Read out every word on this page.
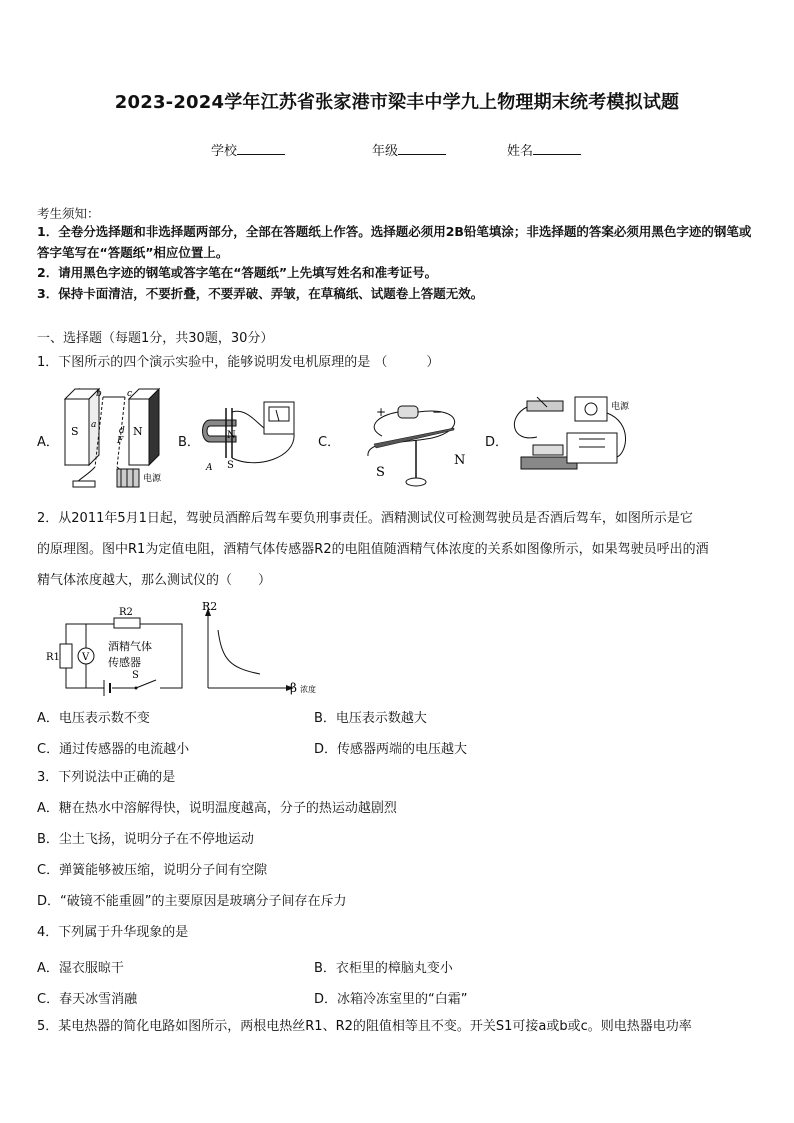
2023-2024学年江苏省张家港市梁丰中学九上物理期末统考模拟试题
学校	年级	姓名
考生须知：
1．全卷分选择题和非选择题两部分，全部在答题纸上作答。选择题必须用2B铅笔填涂；非选择题的答案必须用黑色字迹的钢笔或答字笔写在“答题纸”相应位置上。
2．请用黑色字迹的钢笔或答字笔在“答题纸”上先填写姓名和准考证号。
3．保持卡面清洁，不要折叠，不要弄破、弄皱，在草稿纸、试题卷上答题无效。
一、选择题（每题1分，共30题，30分）
1．下图所示的四个演示实验中，能够说明发电机原理的是 （　　　）
A．	B．	C．	D．
S	N
b	c
a
d
F
电源
N
S
A
+	−
S
N
电源
2．从2011年5月1日起，驾驶员酒醉后驾车要负刑事责任。酒精测试仪可检测驾驶员是否酒后驾车，如图所示是它
的原理图。图中R1为定值电阻，酒精气体传感器R2的电阻值随酒精气体浓度的关系如图像所示，如果驾驶员呼出的酒
精气体浓度越大，那么测试仪的（　　）
R2
R1 V
酒精气体
传感器
S
R2
β 浓度
A．电压表示数不变	B．电压表示数越大
C．通过传感器的电流越小	D．传感器两端的电压越大
3．下列说法中正确的是
A．糖在热水中溶解得快，说明温度越高，分子的热运动越剧烈
B．尘土飞扬，说明分子在不停地运动
C．弹簧能够被压缩，说明分子间有空隙
D．“破镜不能重圆”的主要原因是玻璃分子间存在斥力
4．下列属于升华现象的是
A．湿衣服晾干	B．衣柜里的樟脑丸变小
C．春天冰雪消融	D．冰箱冷冻室里的“白霜”
5．某电热器的简化电路如图所示，两根电热丝R1、R2的阻值相等且不变。开关S1可接a或b或c。则电热器电功率
